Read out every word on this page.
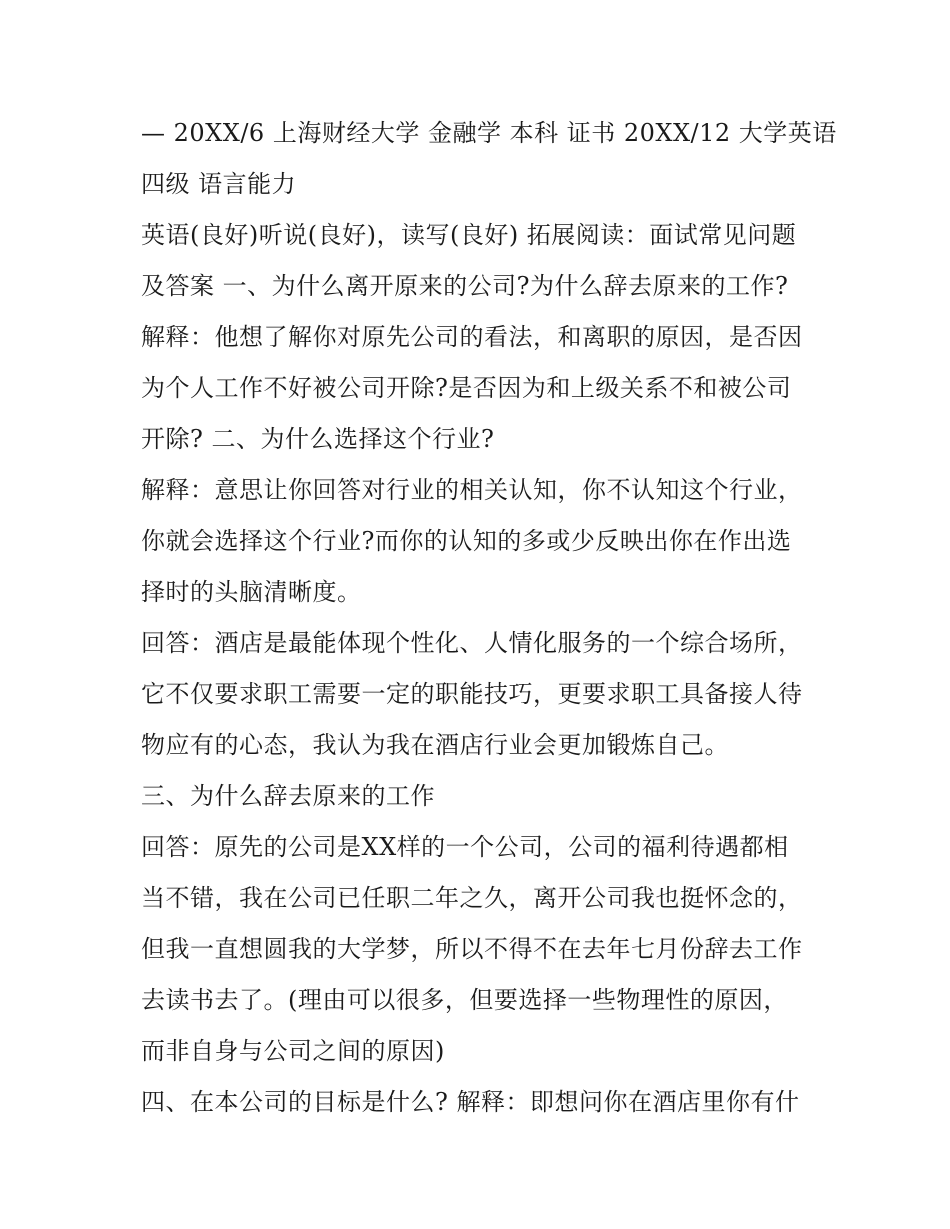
— 20XX/6 上海财经大学 金融学 本科 证书 20XX/12 大学英语
四级 语言能力
英语(良好)听说(良好)，读写(良好) 拓展阅读：面试常见问题
及答案 一、为什么离开原来的公司?为什么辞去原来的工作?
解释：他想了解你对原先公司的看法，和离职的原因，是否因
为个人工作不好被公司开除?是否因为和上级关系不和被公司
开除? 二、为什么选择这个行业?
解释：意思让你回答对行业的相关认知，你不认知这个行业，
你就会选择这个行业?而你的认知的多或少反映出你在作出选
择时的头脑清晰度。
回答：酒店是最能体现个性化、人情化服务的一个综合场所，
它不仅要求职工需要一定的职能技巧，更要求职工具备接人待
物应有的心态，我认为我在酒店行业会更加锻炼自己。
三、为什么辞去原来的工作
回答：原先的公司是XX样的一个公司，公司的福利待遇都相
当不错，我在公司已任职二年之久，离开公司我也挺怀念的，
但我一直想圆我的大学梦，所以不得不在去年七月份辞去工作
去读书去了。(理由可以很多，但要选择一些物理性的原因，
而非自身与公司之间的原因)
四、在本公司的目标是什么? 解释：即想问你在酒店里你有什
